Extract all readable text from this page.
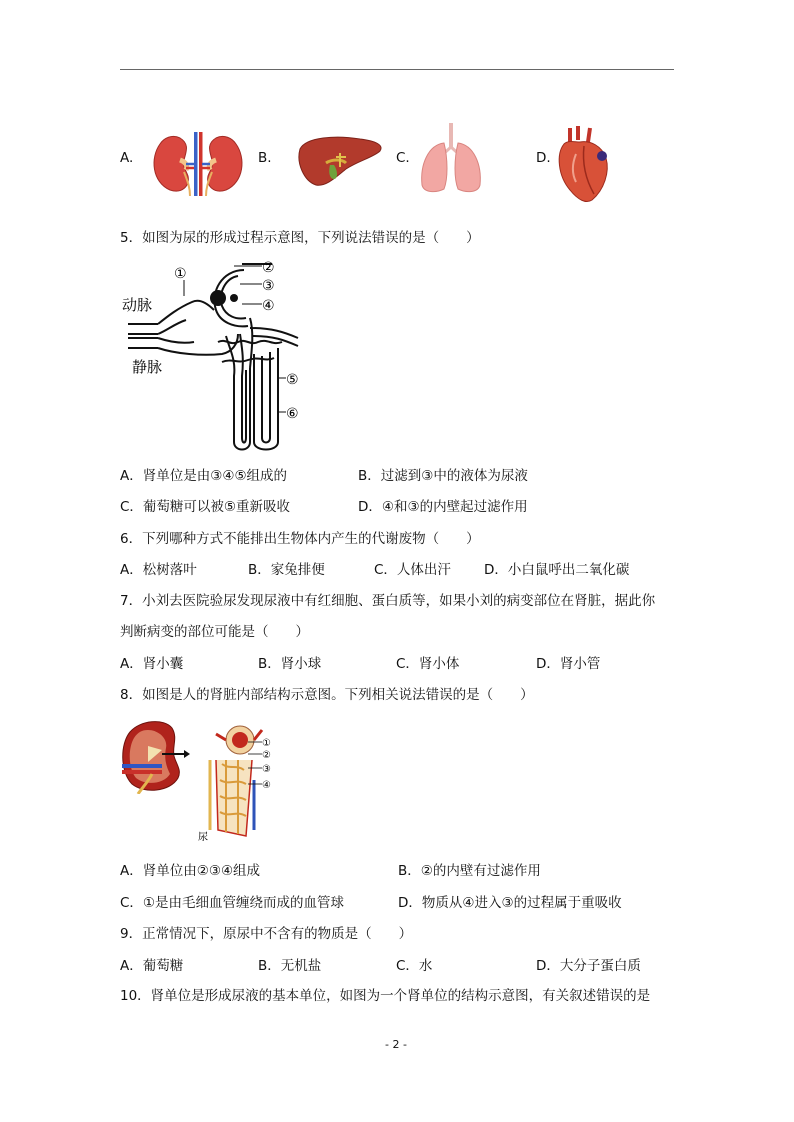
A.	B.	C.	D.
5．如图为尿的形成过程示意图，下列说法错误的是（　　）
①	②
③
④
⑤
⑥
动脉
静脉
A．肾单位是由③④⑤组成的	B．过滤到③中的液体为尿液
C．葡萄糖可以被⑤重新吸收	D．④和③的内壁起过滤作用
6．下列哪种方式不能排出生物体内产生的代谢废物（　　）
A．松树落叶	B．家兔排便	C．人体出汗 D．小白鼠呼出二氧化碳
7．小刘去医院验尿发现尿液中有红细胞、蛋白质等，如果小刘的病变部位在肾脏，据此你
判断病变的部位可能是（　　）
A．肾小囊	B．肾小球	C．肾小体	D．肾小管
8．如图是人的肾脏内部结构示意图。下列相关说法错误的是（　　）
①
②
③
④
尿
A．肾单位由②③④组成	B．②的内壁有过滤作用
C．①是由毛细血管缠绕而成的血管球	D．物质从④进入③的过程属于重吸收
9．正常情况下，原尿中不含有的物质是（　　）
A．葡萄糖	B．无机盐	C．水	D．大分子蛋白质
10．肾单位是形成尿液的基本单位，如图为一个肾单位的结构示意图，有关叙述错误的是
- 2 -
